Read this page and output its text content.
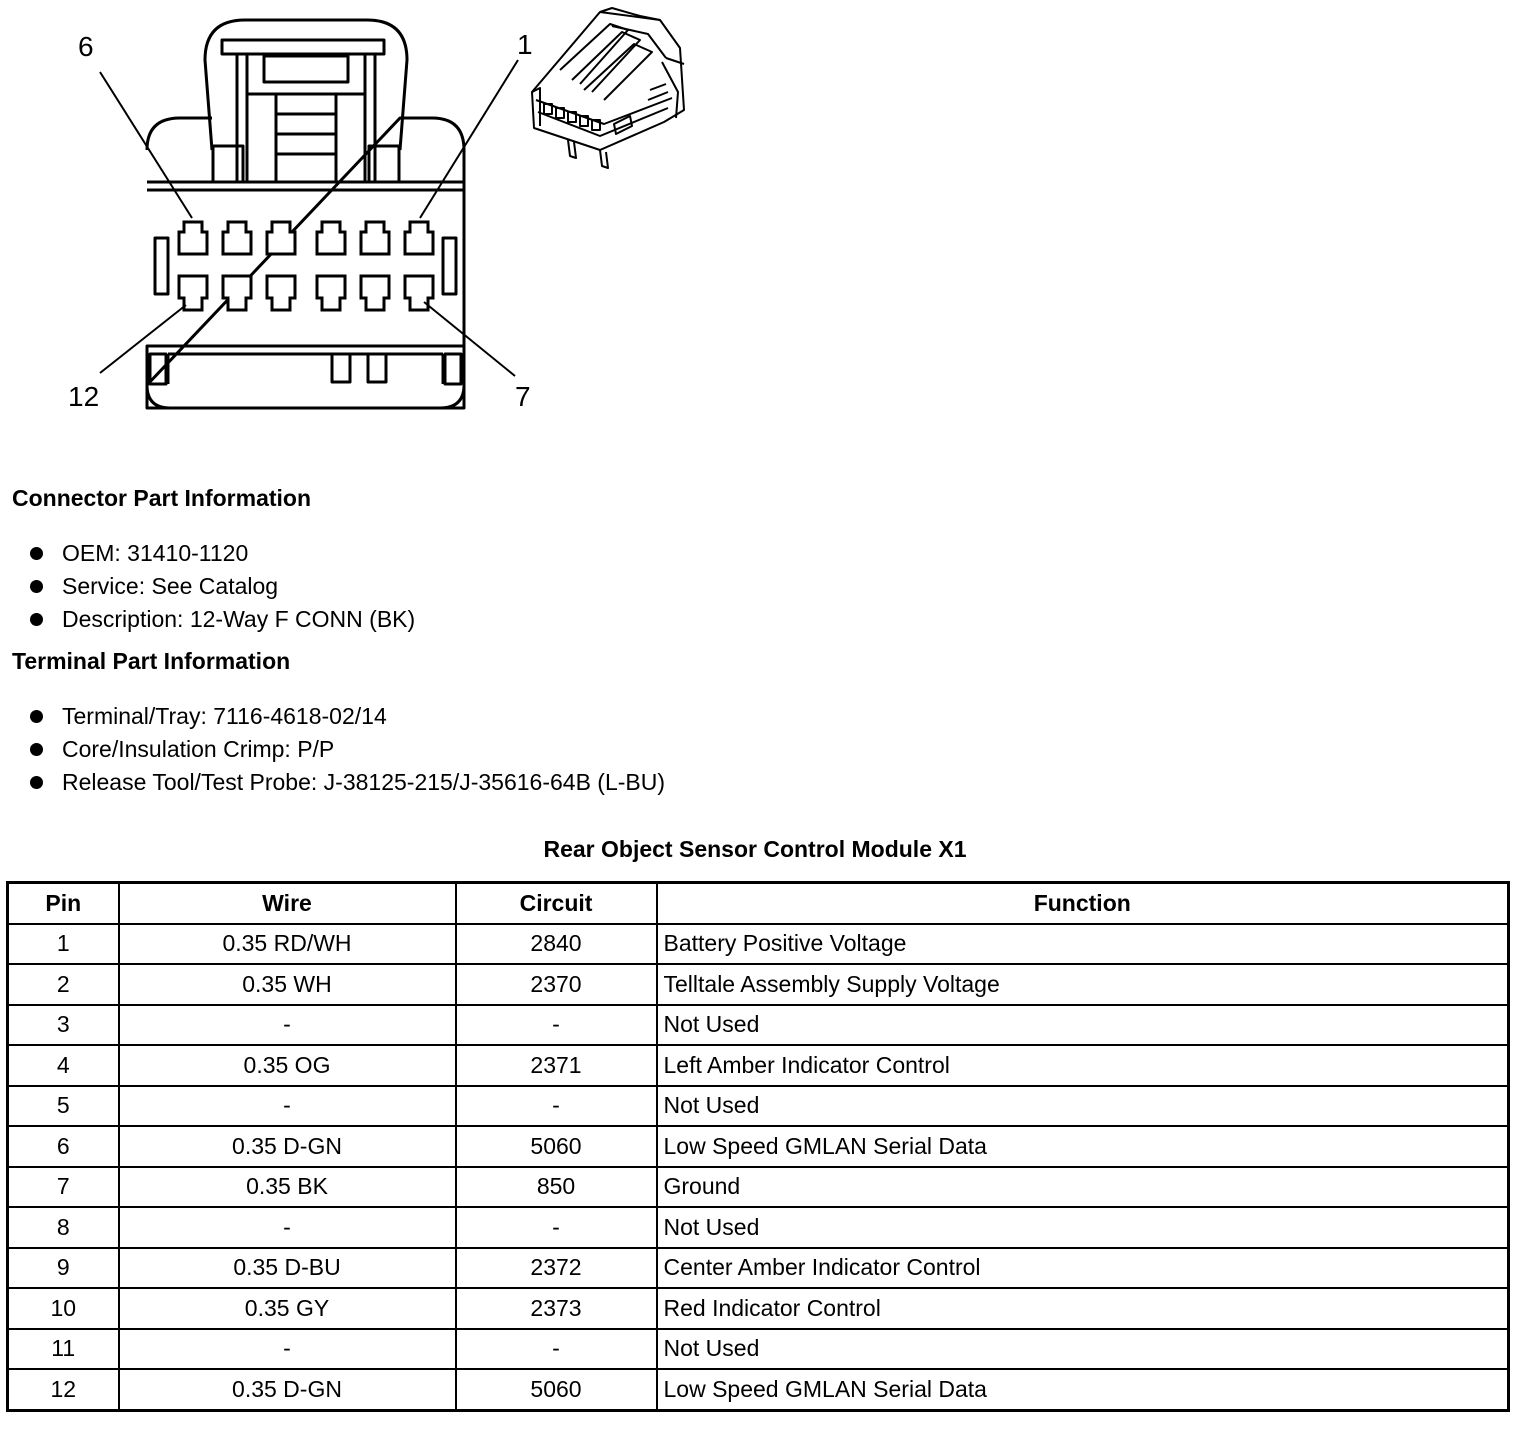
6	1
12	7
Connector Part Information
OEM: 31410-1120
Service: See Catalog
Description: 12-Way F CONN (BK)
Terminal Part Information
Terminal/Tray: 7116-4618-02/14
Core/Insulation Crimp: P/P
Release Tool/Test Probe: J-38125-215/J-35616-64B (L-BU)
Rear Object Sensor Control Module X1
Pin	Wire	Circuit	Function
1	0.35 RD/WH	2840	Battery Positive Voltage
2	0.35 WH	2370	Telltale Assembly Supply Voltage
3	-	-	Not Used
4	0.35 OG	2371	Left Amber Indicator Control
5	-	-	Not Used
6	0.35 D-GN	5060	Low Speed GMLAN Serial Data
7	0.35 BK	850	Ground
8	-	-	Not Used
9	0.35 D-BU	2372	Center Amber Indicator Control
10	0.35 GY	2373	Red Indicator Control
11	-	-	Not Used
12	0.35 D-GN	5060	Low Speed GMLAN Serial Data
